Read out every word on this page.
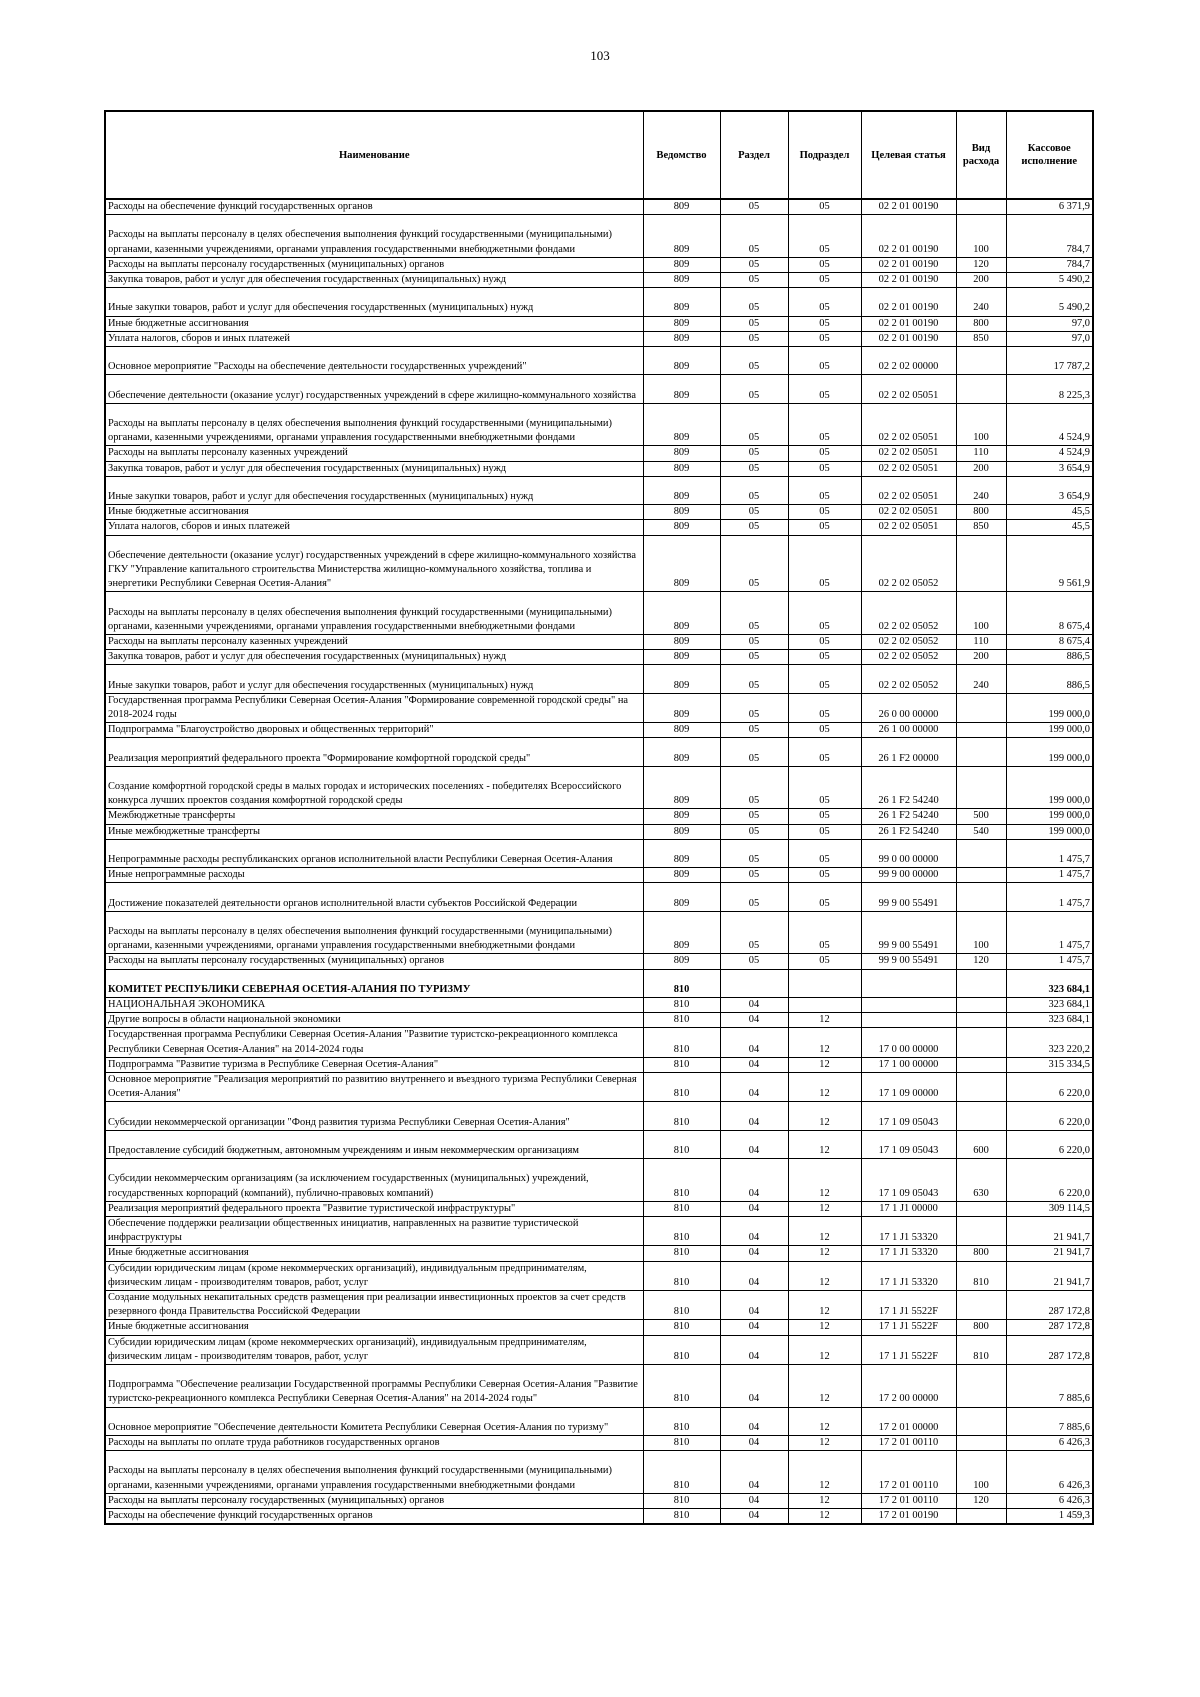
103
Наименование	Ведомство	Раздел	Подраздел	Целевая статья	Вид расхода	Кассовое исполнение
Расходы на обеспечение функций государственных органов	809	05	05	02 2 01 00190		6 371,9
Расходы на выплаты персоналу в целях обеспечения выполнения функций государственными (муниципальными) органами, казенными учреждениями, органами управления государственными внебюджетными фондами	809	05	05	02 2 01 00190	100	784,7
Расходы на выплаты персоналу государственных (муниципальных) органов	809	05	05	02 2 01 00190	120	784,7
Закупка товаров, работ и услуг для обеспечения государственных (муниципальных) нужд	809	05	05	02 2 01 00190	200	5 490,2
Иные закупки товаров, работ и услуг для обеспечения государственных (муниципальных) нужд	809	05	05	02 2 01 00190	240	5 490,2
Иные бюджетные ассигнования	809	05	05	02 2 01 00190	800	97,0
Уплата налогов, сборов и иных платежей	809	05	05	02 2 01 00190	850	97,0
Основное мероприятие "Расходы на обеспечение деятельности государственных учреждений"	809	05	05	02 2 02 00000		17 787,2
Обеспечение деятельности (оказание услуг) государственных учреждений в сфере жилищно-коммунального хозяйства	809	05	05	02 2 02 05051		8 225,3
Расходы на выплаты персоналу в целях обеспечения выполнения функций государственными (муниципальными) органами, казенными учреждениями, органами управления государственными внебюджетными фондами	809	05	05	02 2 02 05051	100	4 524,9
Расходы на выплаты персоналу казенных учреждений	809	05	05	02 2 02 05051	110	4 524,9
Закупка товаров, работ и услуг для обеспечения государственных (муниципальных) нужд	809	05	05	02 2 02 05051	200	3 654,9
Иные закупки товаров, работ и услуг для обеспечения государственных (муниципальных) нужд	809	05	05	02 2 02 05051	240	3 654,9
Иные бюджетные ассигнования	809	05	05	02 2 02 05051	800	45,5
Уплата налогов, сборов и иных платежей	809	05	05	02 2 02 05051	850	45,5
Обеспечение деятельности (оказание услуг) государственных учреждений в сфере жилищно-коммунального хозяйства ГКУ "Управление капитального строительства Министерства жилищно-коммунального хозяйства, топлива и энергетики Республики Северная Осетия-Алания"	809	05	05	02 2 02 05052		9 561,9
Расходы на выплаты персоналу в целях обеспечения выполнения функций государственными (муниципальными) органами, казенными учреждениями, органами управления государственными внебюджетными фондами	809	05	05	02 2 02 05052	100	8 675,4
Расходы на выплаты персоналу казенных учреждений	809	05	05	02 2 02 05052	110	8 675,4
Закупка товаров, работ и услуг для обеспечения государственных (муниципальных) нужд	809	05	05	02 2 02 05052	200	886,5
Иные закупки товаров, работ и услуг для обеспечения государственных (муниципальных) нужд	809	05	05	02 2 02 05052	240	886,5
Государственная программа Республики Северная Осетия-Алания "Формирование современной городской среды" на 2018-2024 годы	809	05	05	26 0 00 00000		199 000,0
Подпрограмма "Благоустройство дворовых и общественных территорий"	809	05	05	26 1 00 00000		199 000,0
Реализация мероприятий федерального проекта "Формирование комфортной городской среды"	809	05	05	26 1 F2 00000		199 000,0
Создание комфортной городской среды в малых городах и исторических поселениях - победителях Всероссийского конкурса лучших проектов создания комфортной городской среды	809	05	05	26 1 F2 54240		199 000,0
Межбюджетные трансферты	809	05	05	26 1 F2 54240	500	199 000,0
Иные межбюджетные трансферты	809	05	05	26 1 F2 54240	540	199 000,0
Непрограммные расходы республиканских органов исполнительной власти Республики Северная Осетия-Алания	809	05	05	99 0 00 00000		1 475,7
Иные непрограммные расходы	809	05	05	99 9 00 00000		1 475,7
Достижение показателей деятельности органов исполнительной власти субъектов Российской Федерации	809	05	05	99 9 00 55491		1 475,7
Расходы на выплаты персоналу в целях обеспечения выполнения функций государственными (муниципальными) органами, казенными учреждениями, органами управления государственными внебюджетными фондами	809	05	05	99 9 00 55491	100	1 475,7
Расходы на выплаты персоналу государственных (муниципальных) органов	809	05	05	99 9 00 55491	120	1 475,7
КОМИТЕТ РЕСПУБЛИКИ СЕВЕРНАЯ ОСЕТИЯ-АЛАНИЯ ПО ТУРИЗМУ	810					323 684,1
НАЦИОНАЛЬНАЯ ЭКОНОМИКА	810	04				323 684,1
Другие вопросы в области национальной экономики	810	04	12			323 684,1
Государственная программа Республики Северная Осетия-Алания "Развитие туристско-рекреационного комплекса Республики Северная Осетия-Алания" на 2014-2024 годы	810	04	12	17 0 00 00000		323 220,2
Подпрограмма "Развитие туризма в Республике Северная Осетия-Алания"	810	04	12	17 1 00 00000		315 334,5
Основное мероприятие "Реализация мероприятий по развитию внутреннего и въездного туризма Республики Северная Осетия-Алания"	810	04	12	17 1 09 00000		6 220,0
Субсидии некоммерческой организации "Фонд развития туризма Республики Северная Осетия-Алания"	810	04	12	17 1 09 05043		6 220,0
Предоставление субсидий бюджетным, автономным учреждениям и иным некоммерческим организациям	810	04	12	17 1 09 05043	600	6 220,0
Субсидии некоммерческим организациям (за исключением государственных (муниципальных) учреждений, государственных корпораций (компаний), публично-правовых компаний)	810	04	12	17 1 09 05043	630	6 220,0
Реализация мероприятий федерального проекта "Развитие туристической инфраструктуры"	810	04	12	17 1 J1 00000		309 114,5
Обеспечение поддержки реализации общественных инициатив, направленных на развитие туристической инфраструктуры	810	04	12	17 1 J1 53320		21 941,7
Иные бюджетные ассигнования	810	04	12	17 1 J1 53320	800	21 941,7
Субсидии юридическим лицам (кроме некоммерческих организаций), индивидуальным предпринимателям, физическим лицам - производителям товаров, работ, услуг	810	04	12	17 1 J1 53320	810	21 941,7
Создание модульных некапитальных средств размещения при реализации инвестиционных проектов за счет средств резервного фонда Правительства Российской Федерации	810	04	12	17 1 J1 5522F		287 172,8
Иные бюджетные ассигнования	810	04	12	17 1 J1 5522F	800	287 172,8
Субсидии юридическим лицам (кроме некоммерческих организаций), индивидуальным предпринимателям, физическим лицам - производителям товаров, работ, услуг	810	04	12	17 1 J1 5522F	810	287 172,8
Подпрограмма "Обеспечение реализации Государственной программы Республики Северная Осетия-Алания "Развитие туристско-рекреационного комплекса Республики Северная Осетия-Алания" на 2014-2024 годы"	810	04	12	17 2 00 00000		7 885,6
Основное мероприятие "Обеспечение деятельности Комитета Республики Северная Осетия-Алания по туризму"	810	04	12	17 2 01 00000		7 885,6
Расходы на выплаты по оплате труда работников государственных органов	810	04	12	17 2 01 00110		6 426,3
Расходы на выплаты персоналу в целях обеспечения выполнения функций государственными (муниципальными) органами, казенными учреждениями, органами управления государственными внебюджетными фондами	810	04	12	17 2 01 00110	100	6 426,3
Расходы на выплаты персоналу государственных (муниципальных) органов	810	04	12	17 2 01 00110	120	6 426,3
Расходы на обеспечение функций государственных органов	810	04	12	17 2 01 00190		1 459,3
